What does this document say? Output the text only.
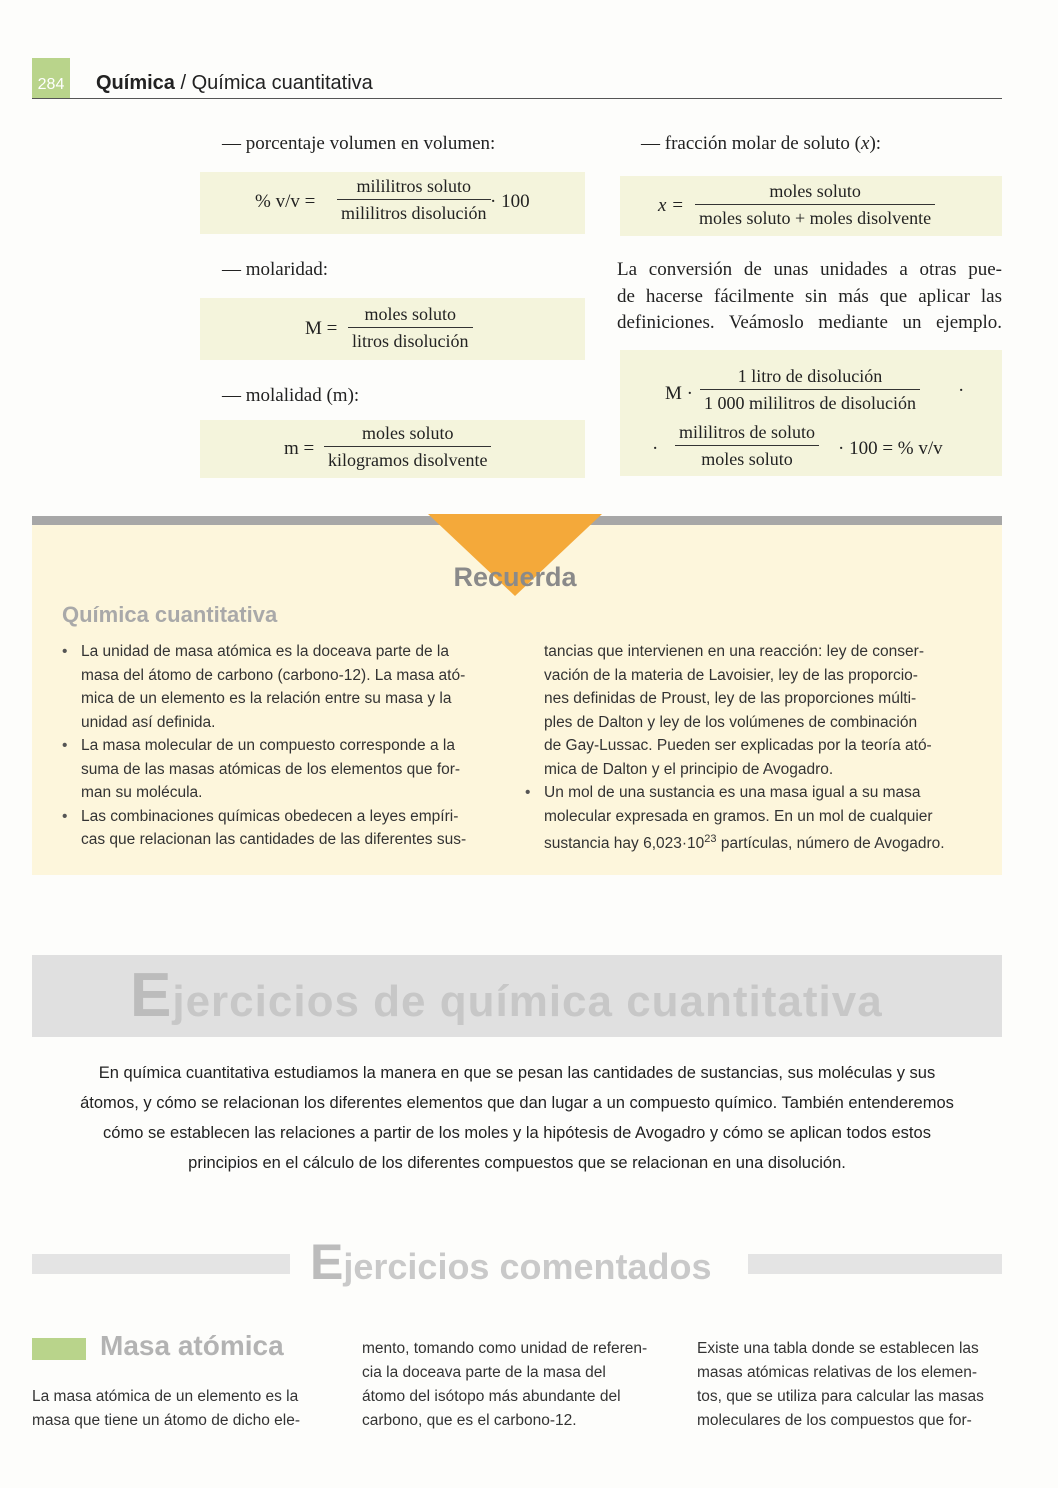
284 Química / Química cuantitativa
— porcentaje volumen en volumen:
% v/v =
mililitros soluto
mililitros disolución
· 100
— molaridad:
M =
moles soluto
litros disolución
— molalidad (m):
m =
moles soluto
kilogramos disolvente
— fracción molar de soluto (x):
x =
moles soluto
moles soluto + moles disolvente
La conversión de unas unidades a otras pue-
de hacerse fácilmente sin más que aplicar las
definiciones. Veámoslo mediante un ejemplo.
M ·
1 litro de disolución
1 000 mililitros de disolución
·
·
mililitros de soluto
moles soluto	· 100 = % v/v
Recuerda
Química cuantitativa
• La unidad de masa atómica es la doceava parte de la
masa del átomo de carbono (carbono-12). La masa ató-
mica de un elemento es la relación entre su masa y la
unidad así definida.
• La masa molecular de un compuesto corresponde a la
suma de las masas atómicas de los elementos que for-
man su molécula.
• Las combinaciones químicas obedecen a leyes empíri-
cas que relacionan las cantidades de las diferentes sus-
tancias que intervienen en una reacción: ley de conser-
vación de la materia de Lavoisier, ley de las proporcio-
nes definidas de Proust, ley de las proporciones múlti-
ples de Dalton y ley de los volúmenes de combinación
de Gay-Lussac. Pueden ser explicadas por la teoría ató-
mica de Dalton y el principio de Avogadro.
• Un mol de una sustancia es una masa igual a su masa
molecular expresada en gramos. En un mol de cualquier
sustancia hay $6,023\cdot 10^{23}$ partículas, número de Avogadro.
Ejercicios de química cuantitativa
En química cuantitativa estudiamos la manera en que se pesan las cantidades de sustancias, sus moléculas y sus
átomos, y cómo se relacionan los diferentes elementos que dan lugar a un compuesto químico. También entenderemos
cómo se establecen las relaciones a partir de los moles y la hipótesis de Avogadro y cómo se aplican todos estos
principios en el cálculo de los diferentes compuestos que se relacionan en una disolución.
Ejercicios comentados
Masa atómica
La masa atómica de un elemento es la
masa que tiene un átomo de dicho ele-
mento, tomando como unidad de referen-
cia la doceava parte de la masa del
átomo del isótopo más abundante del
carbono, que es el carbono-12.
Existe una tabla donde se establecen las
masas atómicas relativas de los elemen-
tos, que se utiliza para calcular las masas
moleculares de los compuestos que for-
